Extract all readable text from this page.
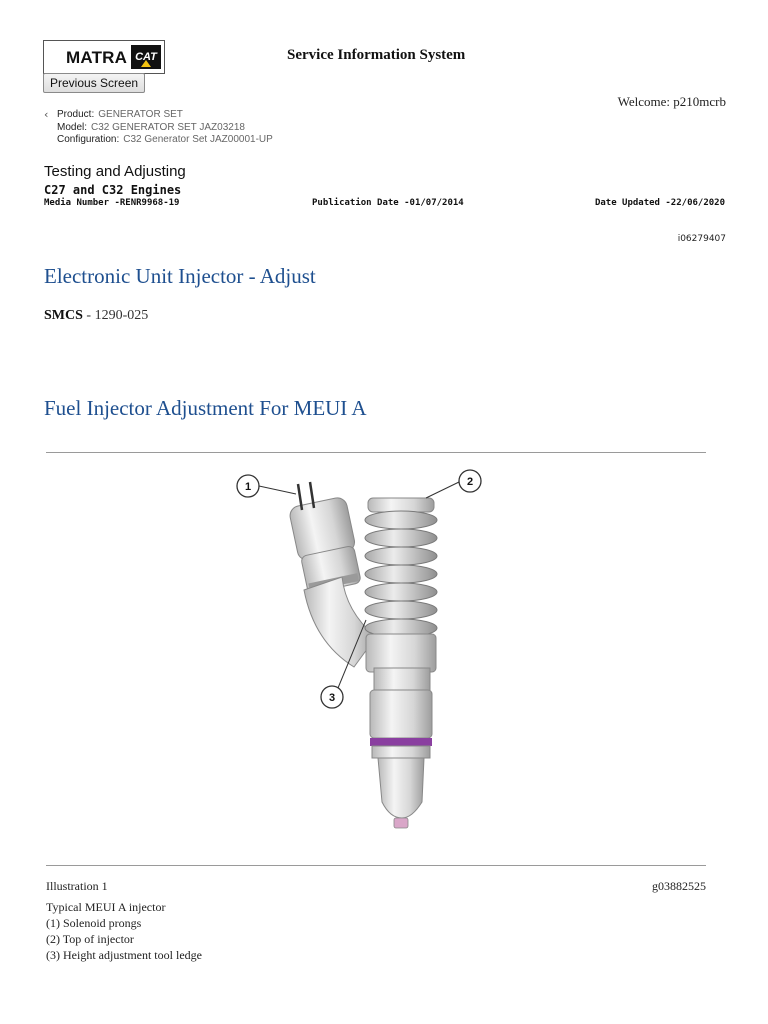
MATRA CAT
Previous Screen
Service Information System
Welcome: p210mcrb
‹ Product: GENERATOR SET
Model: C32 GENERATOR SET JAZ03218
Configuration: C32 Generator Set JAZ00001-UP
Testing and Adjusting
C27 and C32 Engines
Media Number -RENR9968-19	Publication Date -01/07/2014	Date Updated -22/06/2020
i06279407
Electronic Unit Injector - Adjust
SMCS - 1290-025
Fuel Injector Adjustment For MEUI A
1	2
3
Illustration 1	g03882525
Typical MEUI A injector
(1) Solenoid prongs
(2) Top of injector
(3) Height adjustment tool ledge
